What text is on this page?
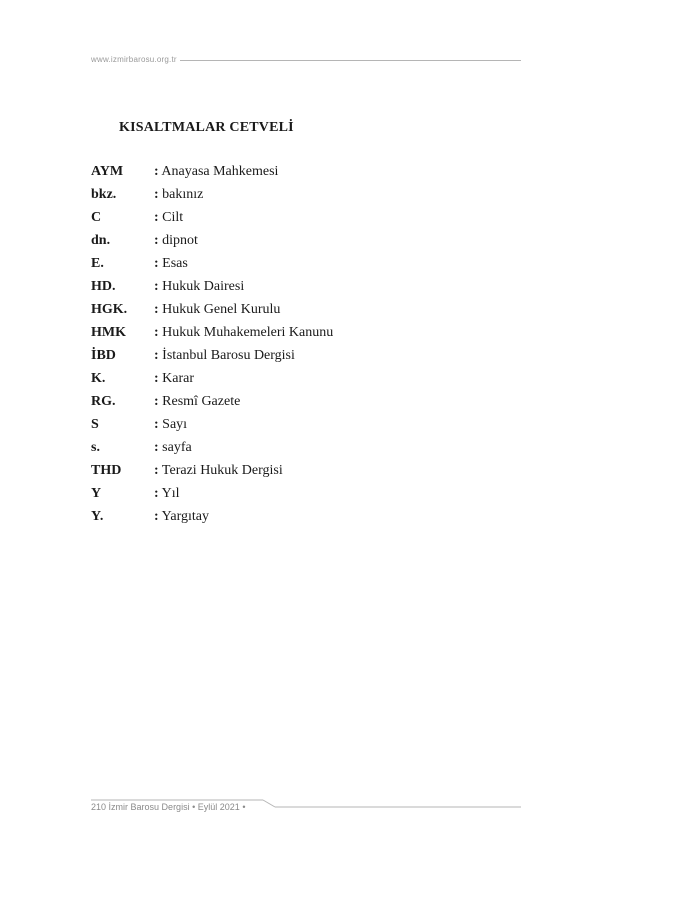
www.izmirbarosu.org.tr
KISALTMALAR CETVELİ
AYM : Anayasa Mahkemesi
bkz.	: bakınız
C	: Cilt
dn.	: dipnot
E.	: Esas
HD.	: Hukuk Dairesi
HGK. : Hukuk Genel Kurulu
HMK : Hukuk Muhakemeleri Kanunu
İBD	: İstanbul Barosu Dergisi
K.	: Karar
RG.	: Resmî Gazete
S	: Sayı
s.	: sayfa
THD : Terazi Hukuk Dergisi
Y	: Yıl
Y.	: Yargıtay
210 İzmir Barosu Dergisi • Eylül 2021 •
